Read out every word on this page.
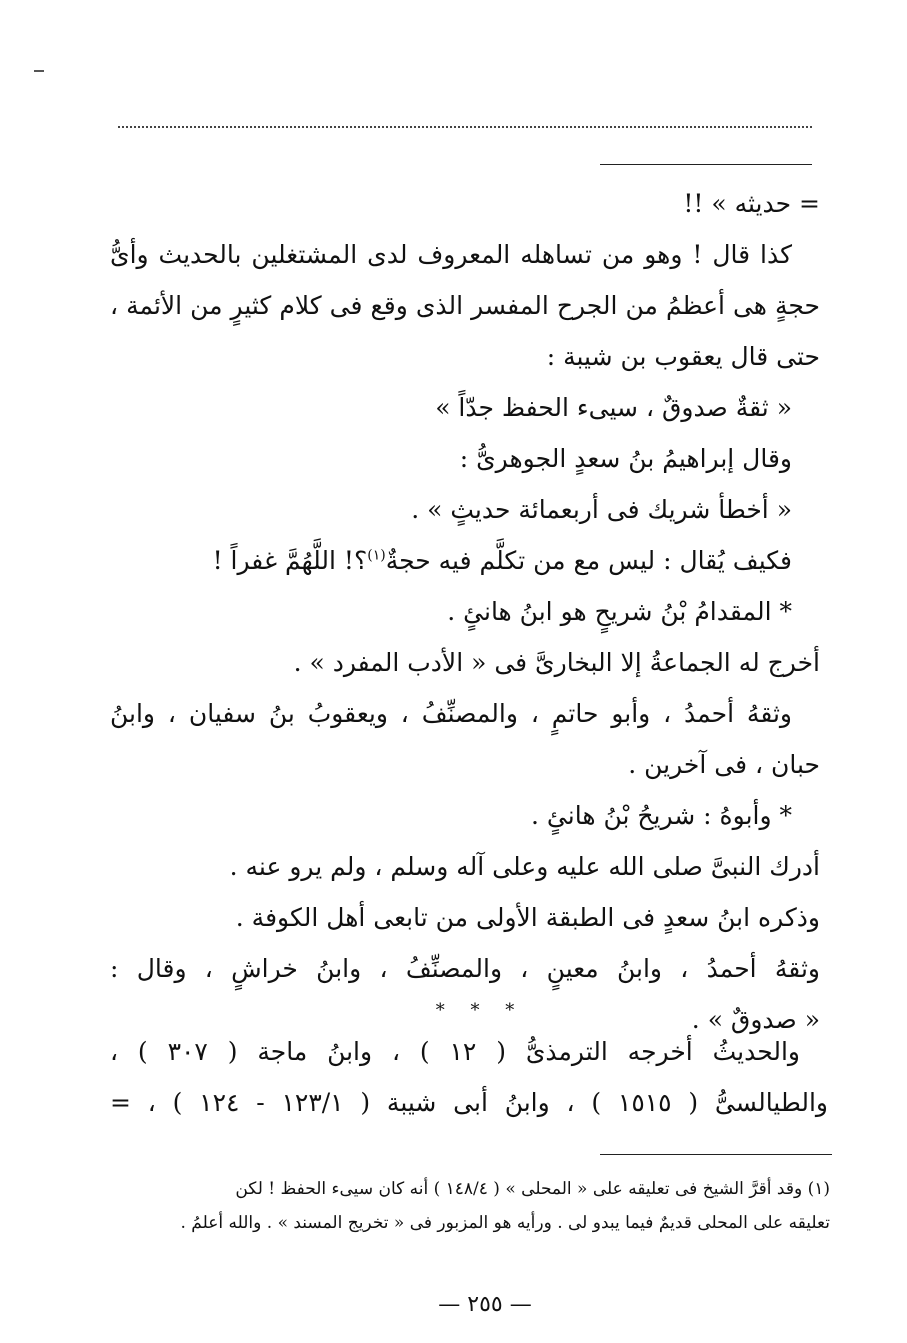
= حديثه » !!

كذا قال ! وهو من تساهله المعروف لدى المشتغلين بالحديث وأىُّ

حجةٍ هى أعظمُ من الجرح المفسر الذى وقع فى كلام كثيرٍ من الأئمة ،

حتى قال يعقوب بن شيبة :

« ثقةٌ صدوقٌ ، سيىء الحفظ جدّاً »

وقال إبراهيمُ بنُ سعدٍ الجوهرىُّ :

« أخطأ شريك فى أربعمائة حديثٍ » .

فكيف يُقال : ليس مع من تكلَّم فيه حجةٌ$^{(١)}$؟! اللَّهُمَّ غفراً !

* المقدامُ بْنُ شريحٍ هو ابنُ هانئٍ .

أخرج له الجماعةُ إلا البخارىَّ فى « الأدب المفرد » .

وثقهُ أحمدُ ، وأبو حاتمٍ ، والمصنِّفُ ، ويعقوبُ بنُ سفيان ، وابنُ

حبان ، فى آخرين .

* وأبوهُ : شريحُ بْنُ هانئٍ .

أدرك النبىَّ صلى الله عليه وعلى آله وسلم ، ولم يرو عنه .

وذكره ابنُ سعدٍ فى الطبقة الأولى من تابعى أهل الكوفة .

وثقهُ أحمدُ ، وابنُ معينٍ ، والمصنِّفُ ، وابنُ خراشٍ ، وقال :

« صدوقٌ » .

* * *

والحديثُ أخرجه الترمذىُّ ( ١٢ ) ، وابنُ ماجة ( ٣٠٧ ) ،

والطيالسىُّ ( ١٥١٥ ) ، وابنُ أبى شيبة ( ١٢٣/١ - ١٢٤ ) ، =

(١) وقد أقرَّ الشيخ فى تعليقه على « المحلى » ( ١٤٨/٤ ) أنه كان سيىء الحفظ ! لكن
تعليقه على المحلى قديمٌ فيما يبدو لى . ورأيه هو المزبور فى « تخريج المسند » . والله أعلمُ .
— ٢٥٥ —
